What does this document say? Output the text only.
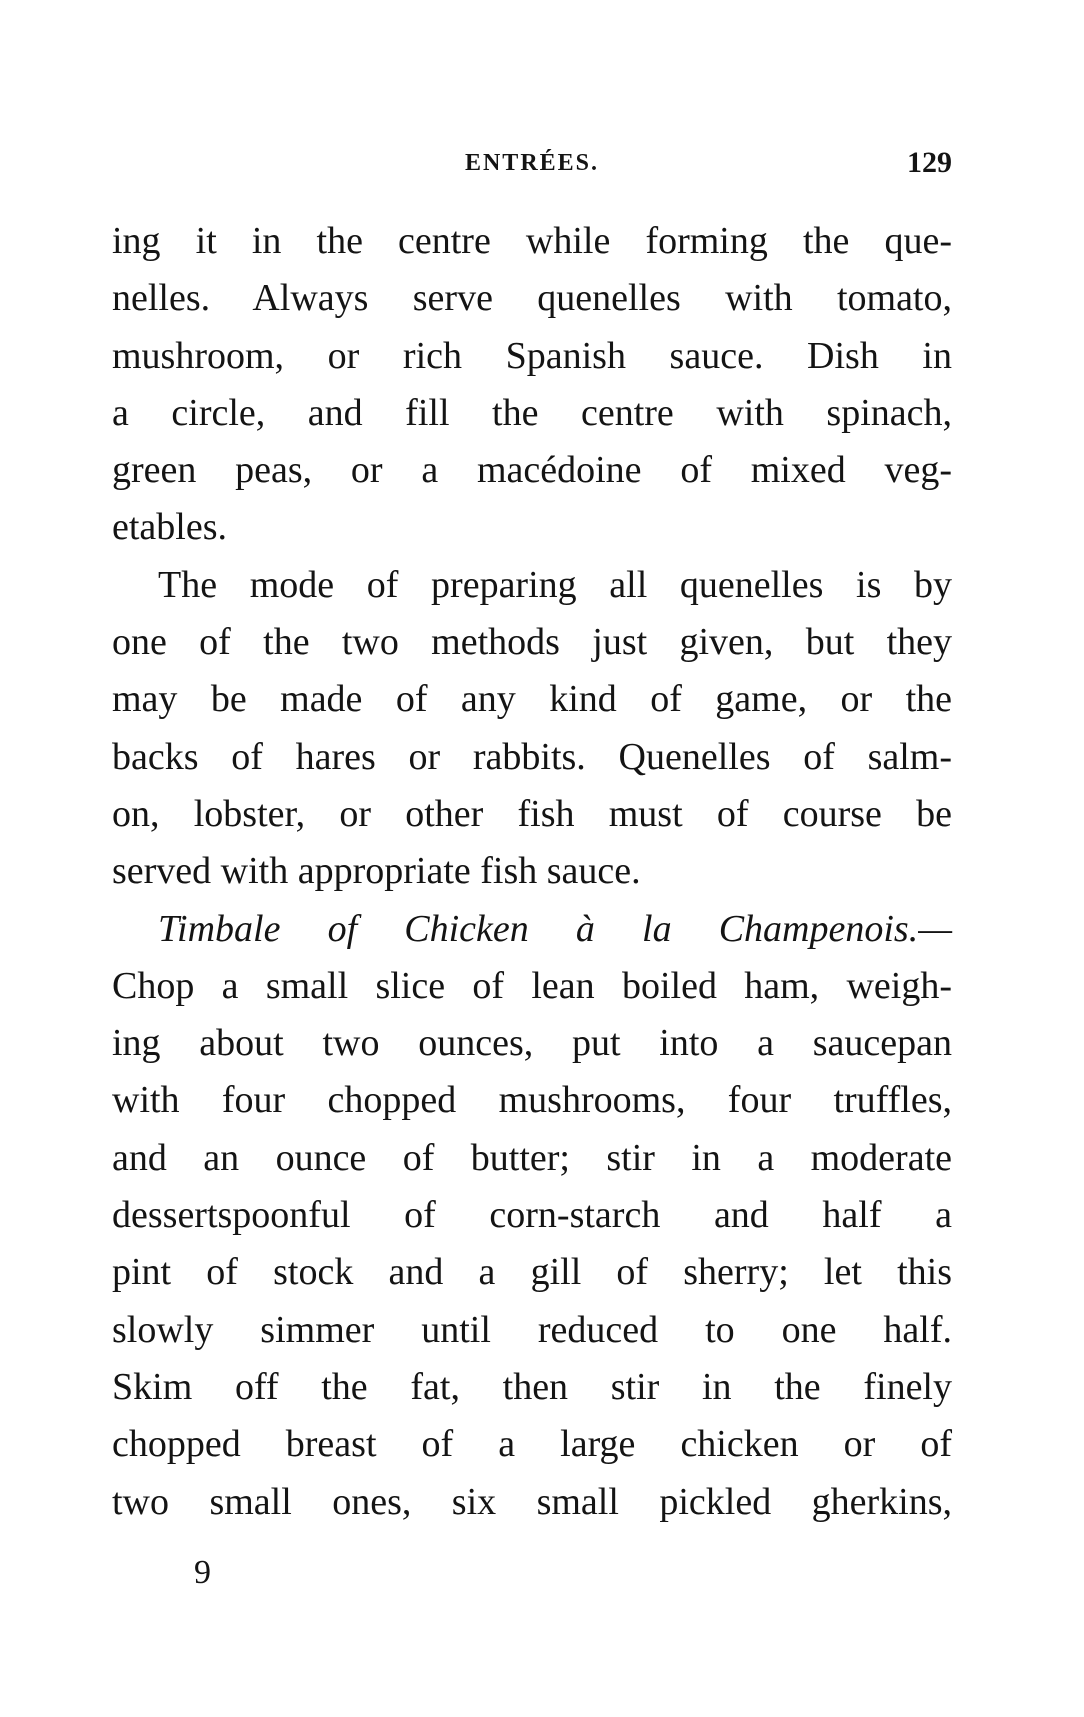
ENTRÉES.	129
ing it in the centre while forming the que-
nelles. Always serve quenelles with tomato,
mushroom, or rich Spanish sauce. Dish in
a circle, and fill the centre with spinach,
green peas, or a macédoine of mixed veg-
etables.
The mode of preparing all quenelles is by
one of the two methods just given, but they
may be made of any kind of game, or the
backs of hares or rabbits. Quenelles of salm-
on, lobster, or other fish must of course be
served with appropriate fish sauce.
Timbale of Chicken à la Champenois.—
Chop a small slice of lean boiled ham, weigh-
ing about two ounces, put into a saucepan
with four chopped mushrooms, four truffles,
and an ounce of butter; stir in a moderate
dessertspoonful of corn-starch and half a
pint of stock and a gill of sherry; let this
slowly simmer until reduced to one half.
Skim off the fat, then stir in the finely
chopped breast of a large chicken or of
two small ones, six small pickled gherkins,
9
